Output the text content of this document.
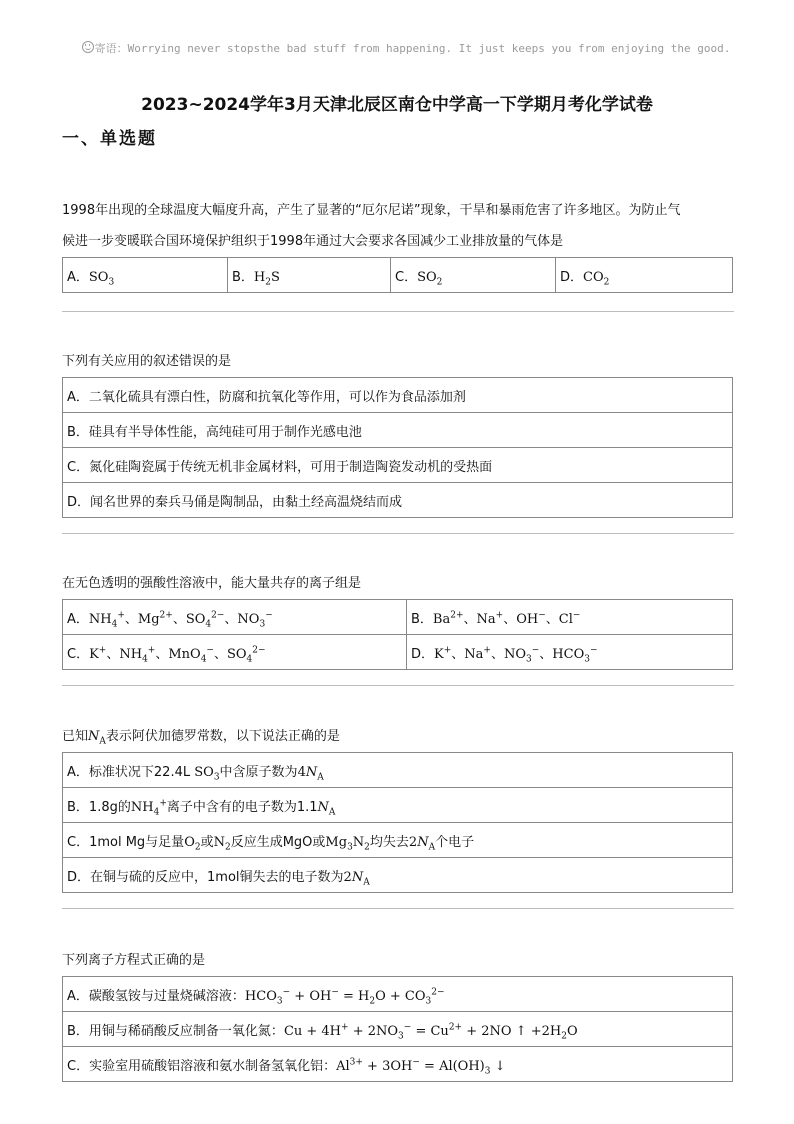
寄语：Worrying never stopsthe bad stuff from happening. It just keeps you from enjoying the good.
2023~2024学年3月天津北辰区南仓中学高一下学期月考化学试卷
一、单选题

1998年出现的全球温度大幅度升高，产生了显著的“厄尔尼诺”现象，干旱和暴雨危害了许多地区。为防止气
候进一步变暖联合国环境保护组织于1998年通过大会要求各国减少工业排放量的气体是

A．$SO_3$	B．$H_2S$	C．$SO_2$	D．$CO_2$

下列有关应用的叙述错误的是

A．二氧化硫具有漂白性，防腐和抗氧化等作用，可以作为食品添加剂
B．硅具有半导体性能，高纯硅可用于制作光感电池
C．氮化硅陶瓷属于传统无机非金属材料，可用于制造陶瓷发动机的受热面
D．闻名世界的秦兵马俑是陶制品，由黏土经高温烧结而成

在无色透明的强酸性溶液中，能大量共存的离子组是

A．$NH_4^+$、$Mg^{2+}$、$SO_4^{2-}$、$NO_3^-$	B．$Ba^{2+}$、Na+、OH−、Cl−
C．K+、$NH_4^+$、MnO$_4$−、$SO_4^{2-}$	D．K+、Na+、$NO_3^-$、$HCO_3^-$

已知$N_A$表示阿伏加德罗常数，以下说法正确的是

A．标准状况下22.4L $SO_3$中含原子数为$4N_A$
B．1.8g的$NH_4^+$离子中含有的电子数为$1.1N_A$
C．1mol Mg与足量$O_2$或$N_2$反应生成MgO或$Mg_3N_2$均失去$2N_A$个电子
D．在铜与硫的反应中，1mol铜失去的电子数为$2N_A$

下列离子方程式正确的是

A．碳酸氢铵与过量烧碱溶液：$HCO_3^- + OH^- = H_2O + CO_3^{2-}$
B．用铜与稀硝酸反应制备一氧化氮：$Cu + 4H^+ + 2NO_3^- = Cu^{2+} + 2NO$ ↑ $+2H_2O$
C．实验室用硫酸铝溶液和氨水制备氢氧化铝：$Al^{3+} + 3OH^- = Al(OH)_3$ ↓
